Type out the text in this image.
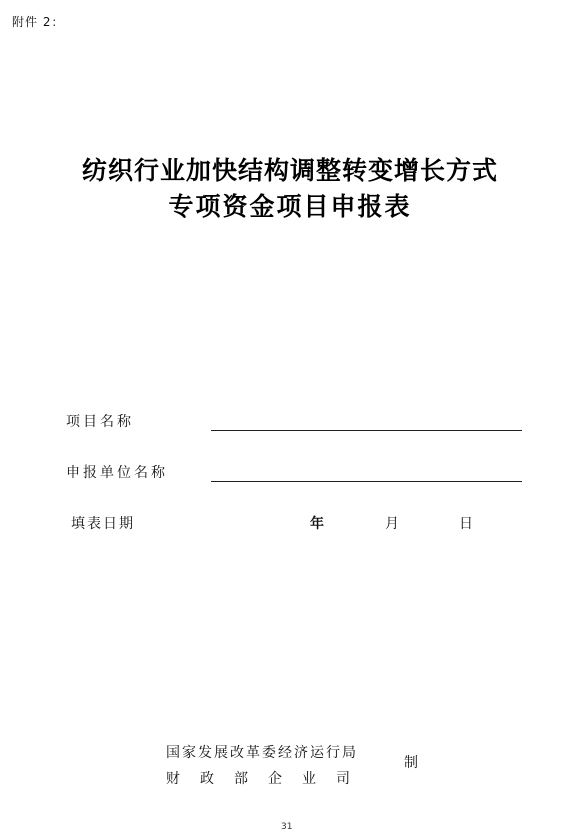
附件 2：
纺织行业加快结构调整转变增长方式
专项资金项目申报表
项目名称
申报单位名称
填表日期	年	月	日
国家发展改革委经济运行局
财政部企业司
制
31
